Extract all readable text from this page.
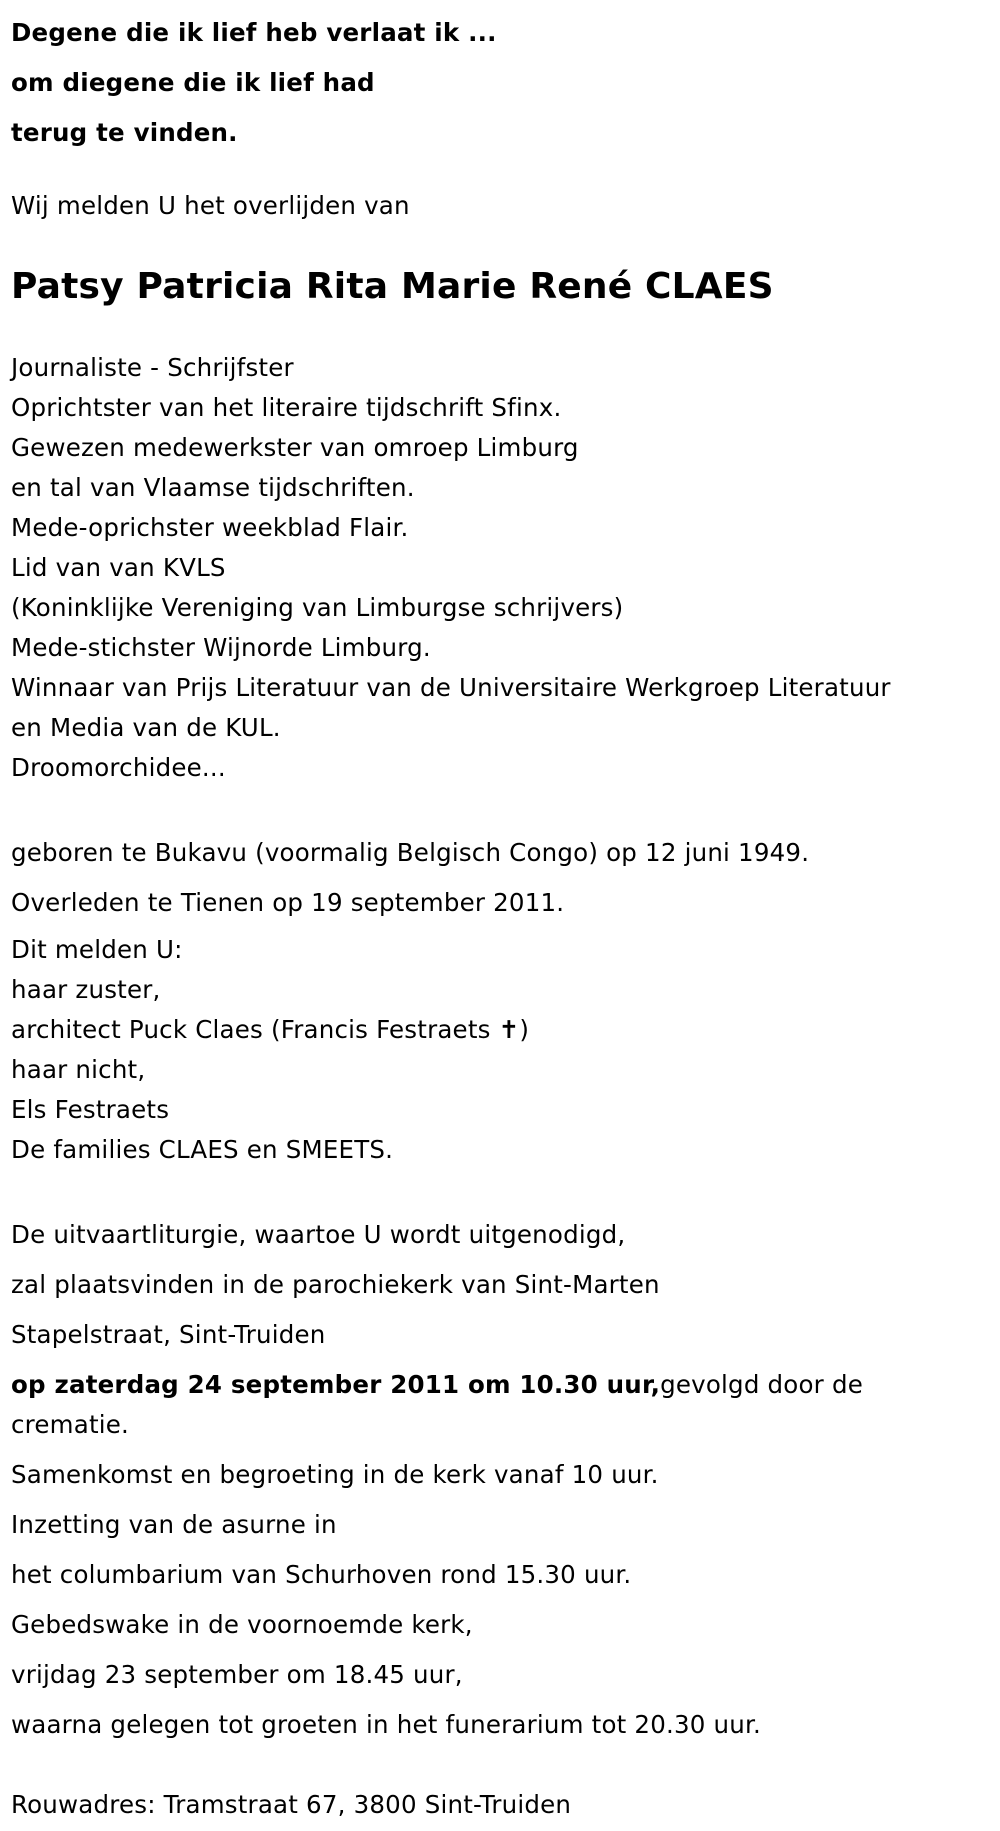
Degene die ik lief heb verlaat ik ...

om diegene die ik lief had

terug te vinden.

Wij melden U het overlijden van
Patsy Patricia Rita Marie René CLAES
Journaliste - Schrijfster
Oprichtster van het literaire tijdschrift Sfinx.
Gewezen medewerkster van omroep Limburg
en tal van Vlaamse tijdschriften.
Mede-oprichster weekblad Flair.
Lid van van KVLS
(Koninklijke Vereniging van Limburgse schrijvers)
Mede-stichster Wijnorde Limburg.
Winnaar van Prijs Literatuur van de Universitaire Werkgroep Literatuur
en Media van de KUL.
Droomorchidee...
geboren te Bukavu (voormalig Belgisch Congo) op 12 juni 1949.
Overleden te Tienen op 19 september 2011.
Dit melden U:
haar zuster,
architect Puck Claes (Francis Festraets ✝)
haar nicht,
Els Festraets
De families CLAES en SMEETS.
De uitvaartliturgie, waartoe U wordt uitgenodigd,
zal plaatsvinden in de parochiekerk van Sint-Marten
Stapelstraat, Sint-Truiden
op zaterdag 24 september 2011 om 10.30 uur,gevolgd door de crematie.
Samenkomst en begroeting in de kerk vanaf 10 uur.
Inzetting van de asurne in
het columbarium van Schurhoven rond 15.30 uur.
Gebedswake in de voornoemde kerk,
vrijdag 23 september om 18.45 uur,
waarna gelegen tot groeten in het funerarium tot 20.30 uur.
Rouwadres: Tramstraat 67, 3800 Sint-Truiden
